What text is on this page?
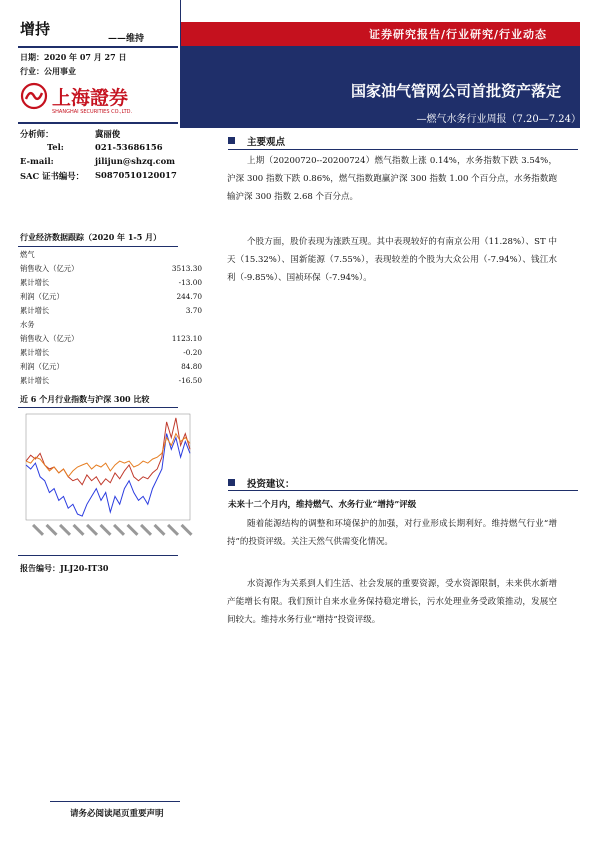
增持
——维持
日期：2020 年 07 月 27 日
行业：公用事业
上海證券
SHANGHAI SECURITIES CO.,LTD.
分析师：	冀丽俊
Tel:	021-53686156
E-mail:	jilijun@shzq.com
SAC 证书编号： S0870510120017
行业经济数据跟踪（2020 年 1-5 月）
燃气
销售收入（亿元）	3513.30
累计增长	-13.00
利润（亿元）	244.70
累计增长	3.70
水务
销售收入（亿元）	1123.10
累计增长	-0.20
利润（亿元）	84.80
累计增长	-16.50
近 6 个月行业指数与沪深 300 比较
报告编号：JLJ20-IT30
证券研究报告/行业研究/行业动态
国家油气管网公司首批资产落定
—燃气水务行业周报（7.20—7.24）
主要观点
上期（20200720--20200724）燃气指数上涨 0.14%，水务指数下跌 3.54%，沪深 300 指数下跌 0.86%，燃气指数跑赢沪深 300 指数 1.00 个百分点，水务指数跑输沪深 300 指数 2.68 个百分点。
个股方面，股价表现为涨跌互现。其中表现较好的有南京公用（11.28%）、ST 中天（15.32%）、国新能源（7.55%），表现较差的个股为大众公用（-7.94%）、钱江水利（-9.85%）、国祯环保（-7.94%）。
投资建议：
未来十二个月内，维持燃气、水务行业“增持”评级
随着能源结构的调整和环境保护的加强，对行业形成长期利好。维持燃气行业“增持”的投资评级。关注天然气供需变化情况。
水资源作为关系到人们生活、社会发展的重要资源，受水资源限制，未来供水新增产能增长有限。我们预计自来水业务保持稳定增长，污水处理业务受政策推动，发展空间较大。维持水务行业“增持”投资评级。
请务必阅读尾页重要声明
